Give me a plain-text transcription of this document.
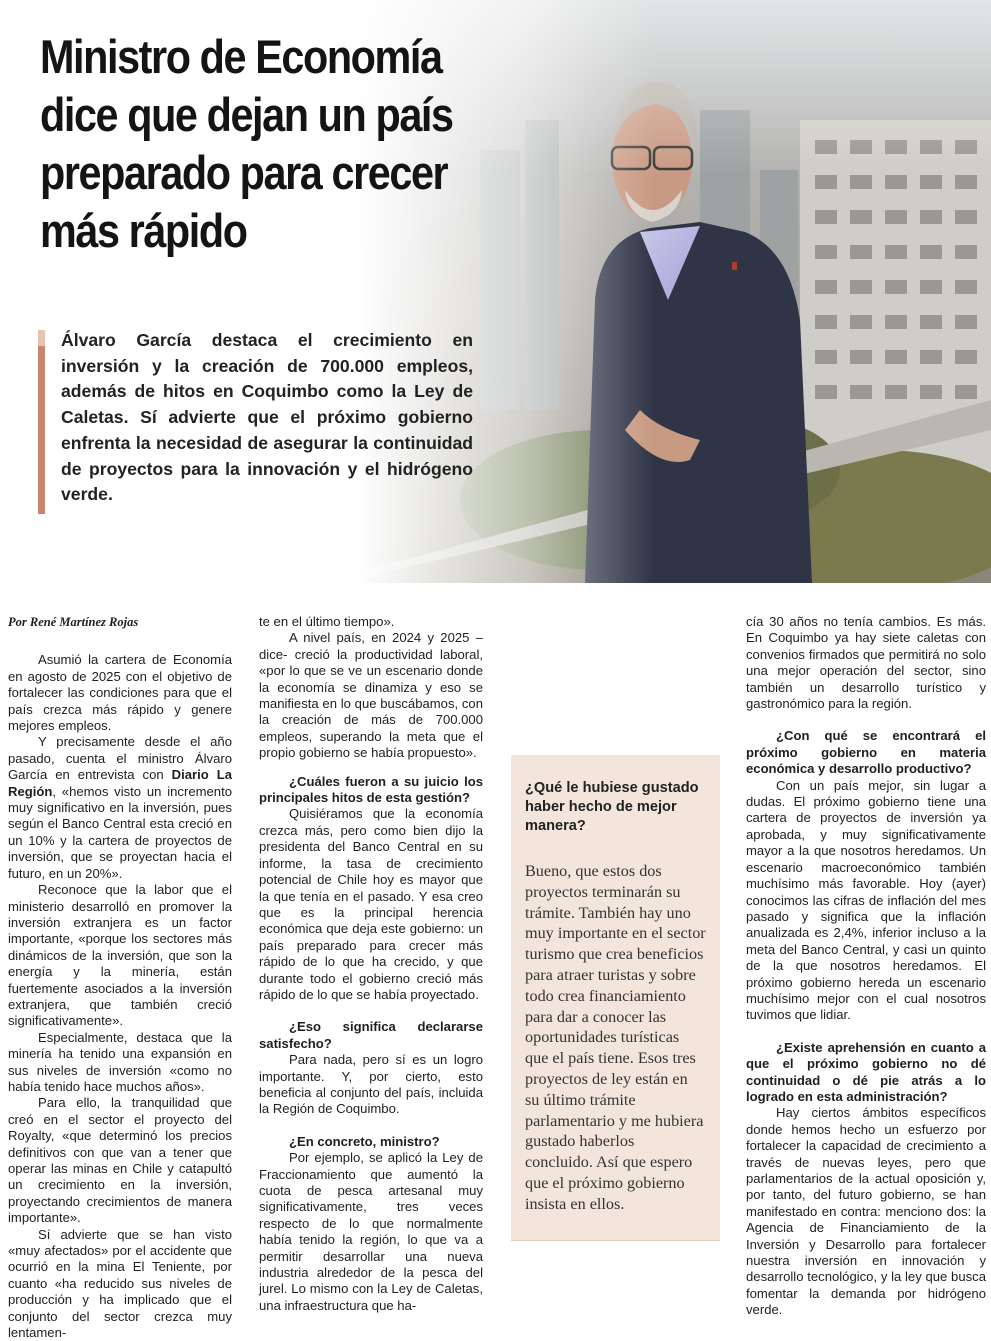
Ministro de Economía dice que dejan un país preparado para crecer más rápido

Álvaro García destaca el crecimiento en inversión y la creación de 700.000 empleos, además de hitos en Coquimbo como la Ley de Caletas. Sí advierte que el próximo gobierno enfrenta la necesidad de asegurar la continuidad de proyectos para la innovación y el hidrógeno verde.

Por René Martínez Rojas

Asumió la cartera de Economía en agosto de 2025 con el objetivo de fortalecer las condiciones para que el país crezca más rápido y genere mejores empleos.

Y precisamente desde el año pasado, cuenta el ministro Álvaro García en entrevista con Diario La Región, «hemos visto un incremento muy significativo en la inversión, pues según el Banco Central esta creció en un 10% y la cartera de proyectos de inversión, que se proyectan hacia el futuro, en un 20%».

Reconoce que la labor que el ministerio desarrolló en promover la inversión extranjera es un factor importante, «porque los sectores más dinámicos de la inversión, que son la energía y la minería, están fuertemente asociados a la inversión extranjera, que también creció significativamente».

Especialmente, destaca que la minería ha tenido una expansión en sus niveles de inversión «como no había tenido hace muchos años».

Para ello, la tranquilidad que creó en el sector el proyecto del Royalty, «que determinó los precios definitivos con que van a tener que operar las minas en Chile y catapultó un crecimiento en la inversión, proyectando crecimientos de manera importante».

Sí advierte que se han visto «muy afectados» por el accidente que ocurrió en la mina El Teniente, por cuanto «ha reducido sus niveles de producción y ha implicado que el conjunto del sector crezca muy lentamen-

te en el último tiempo».

A nivel país, en 2024 y 2025 –dice- creció la productividad laboral, «por lo que se ve un escenario donde la economía se dinamiza y eso se manifiesta en lo que buscábamos, con la creación de más de 700.000 empleos, superando la meta que el propio gobierno se había propuesto».

¿Cuáles fueron a su juicio los principales hitos de esta gestión?

Quisiéramos que la economía crezca más, pero como bien dijo la presidenta del Banco Central en su informe, la tasa de crecimiento potencial de Chile hoy es mayor que la que tenía en el pasado. Y esa creo que es la principal herencia económica que deja este gobierno: un país preparado para crecer más rápido de lo que ha crecido, y que durante todo el gobierno creció más rápido de lo que se había proyectado.

¿Eso significa declararse satisfecho?

Para nada, pero sí es un logro importante. Y, por cierto, esto beneficia al conjunto del país, incluida la Región de Coquimbo.

¿En concreto, ministro?

Por ejemplo, se aplicó la Ley de Fraccionamiento que aumentó la cuota de pesca artesanal muy significativamente, tres veces respecto de lo que normalmente había tenido la región, lo que va a permitir desarrollar una nueva industria alrededor de la pesca del jurel. Lo mismo con la Ley de Caletas, una infraestructura que ha-

¿Qué le hubiese gustado haber hecho de mejor manera?

Bueno, que estos dos proyectos terminarán su trámite. También hay uno muy importante en el sector turismo que crea beneficios para atraer turistas y sobre todo crea financiamiento para dar a conocer las oportunidades turísticas que el país tiene. Esos tres proyectos de ley están en su último trámite parlamentario y me hubiera gustado haberlos concluido. Así que espero que el próximo gobierno insista en ellos.

cía 30 años no tenía cambios. Es más. En Coquimbo ya hay siete caletas con convenios firmados que permitirá no solo una mejor operación del sector, sino también un desarrollo turístico y gastronómico para la región.

¿Con qué se encontrará el próximo gobierno en materia económica y desarrollo productivo?

Con un país mejor, sin lugar a dudas. El próximo gobierno tiene una cartera de proyectos de inversión ya aprobada, y muy significativamente mayor a la que nosotros heredamos. Un escenario macroeconómico también muchísimo más favorable. Hoy (ayer) conocimos las cifras de inflación del mes pasado y significa que la inflación anualizada es 2,4%, inferior incluso a la meta del Banco Central, y casi un quinto de la que nosotros heredamos. El próximo gobierno hereda un escenario muchísimo mejor con el cual nosotros tuvimos que lidiar.

¿Existe aprehensión en cuanto a que el próximo gobierno no dé continuidad o dé pie atrás a lo logrado en esta administración?

Hay ciertos ámbitos específicos donde hemos hecho un esfuerzo por fortalecer la capacidad de crecimiento a través de nuevas leyes, pero que parlamentarios de la actual oposición y, por tanto, del futuro gobierno, se han manifestado en contra: menciono dos: la Agencia de Financiamiento de la Inversión y Desarrollo para fortalecer nuestra inversión en innovación y desarrollo tecnológico, y la ley que busca fomentar la demanda por hidrógeno verde.
